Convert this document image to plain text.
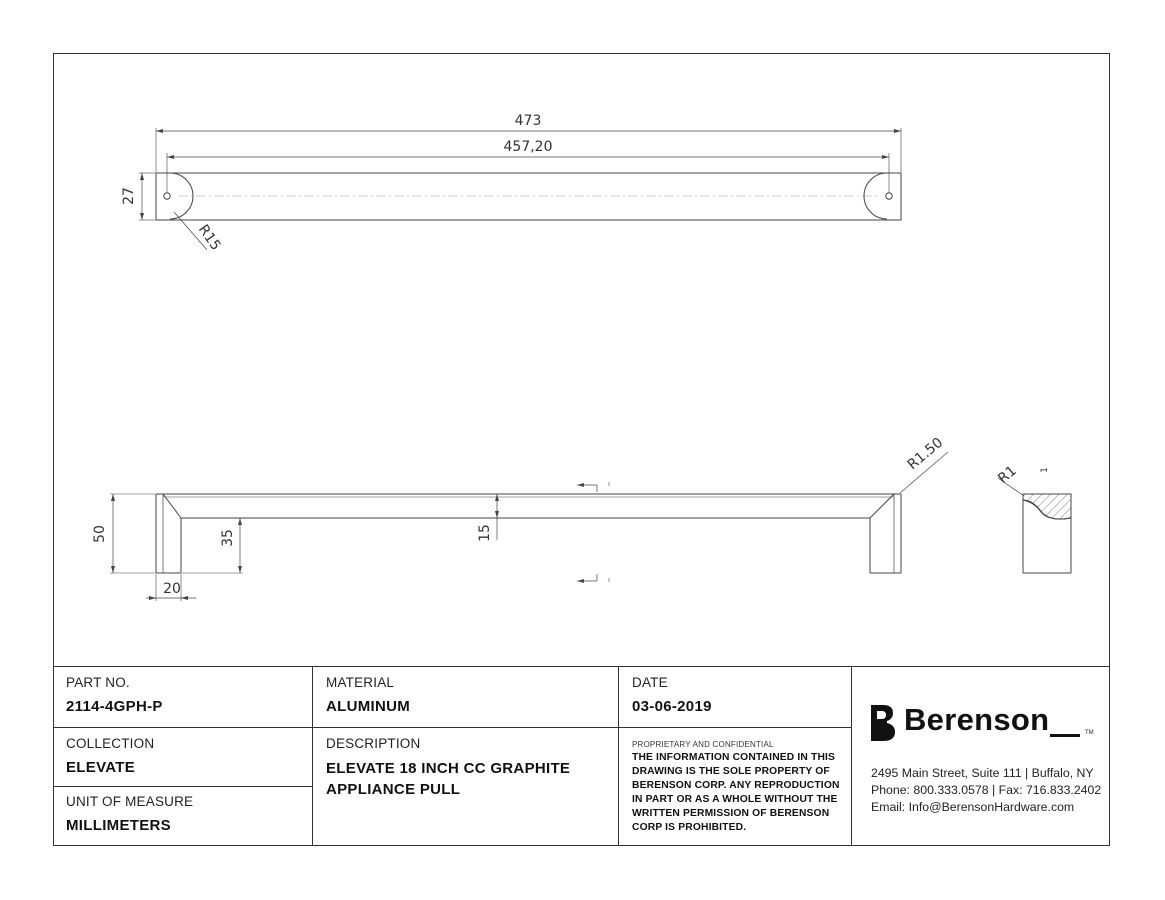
473
457,20
27
R15
50	35	15
20
R1.50
R1 1
PART NO.
2114-4GPH-P
MATERIAL
ALUMINUM
DATE
03-06-2019
COLLECTION
ELEVATE
DESCRIPTION
ELEVATE 18 INCH CC GRAPHITE APPLIANCE PULL
PROPRIETARY AND CONFIDENTIAL
THE INFORMATION CONTAINED IN THIS DRAWING IS THE SOLE PROPERTY OF BERENSON CORP. ANY REPRODUCTION IN PART OR AS A WHOLE WITHOUT THE WRITTEN PERMISSION OF BERENSON CORP IS PROHIBITED.
UNIT OF MEASURE
MILLIMETERS
Berenson	TM
2495 Main Street, Suite 111 | Buffalo, NY
Phone: 800.333.0578 | Fax: 716.833.2402
Email: Info@BerensonHardware.com
